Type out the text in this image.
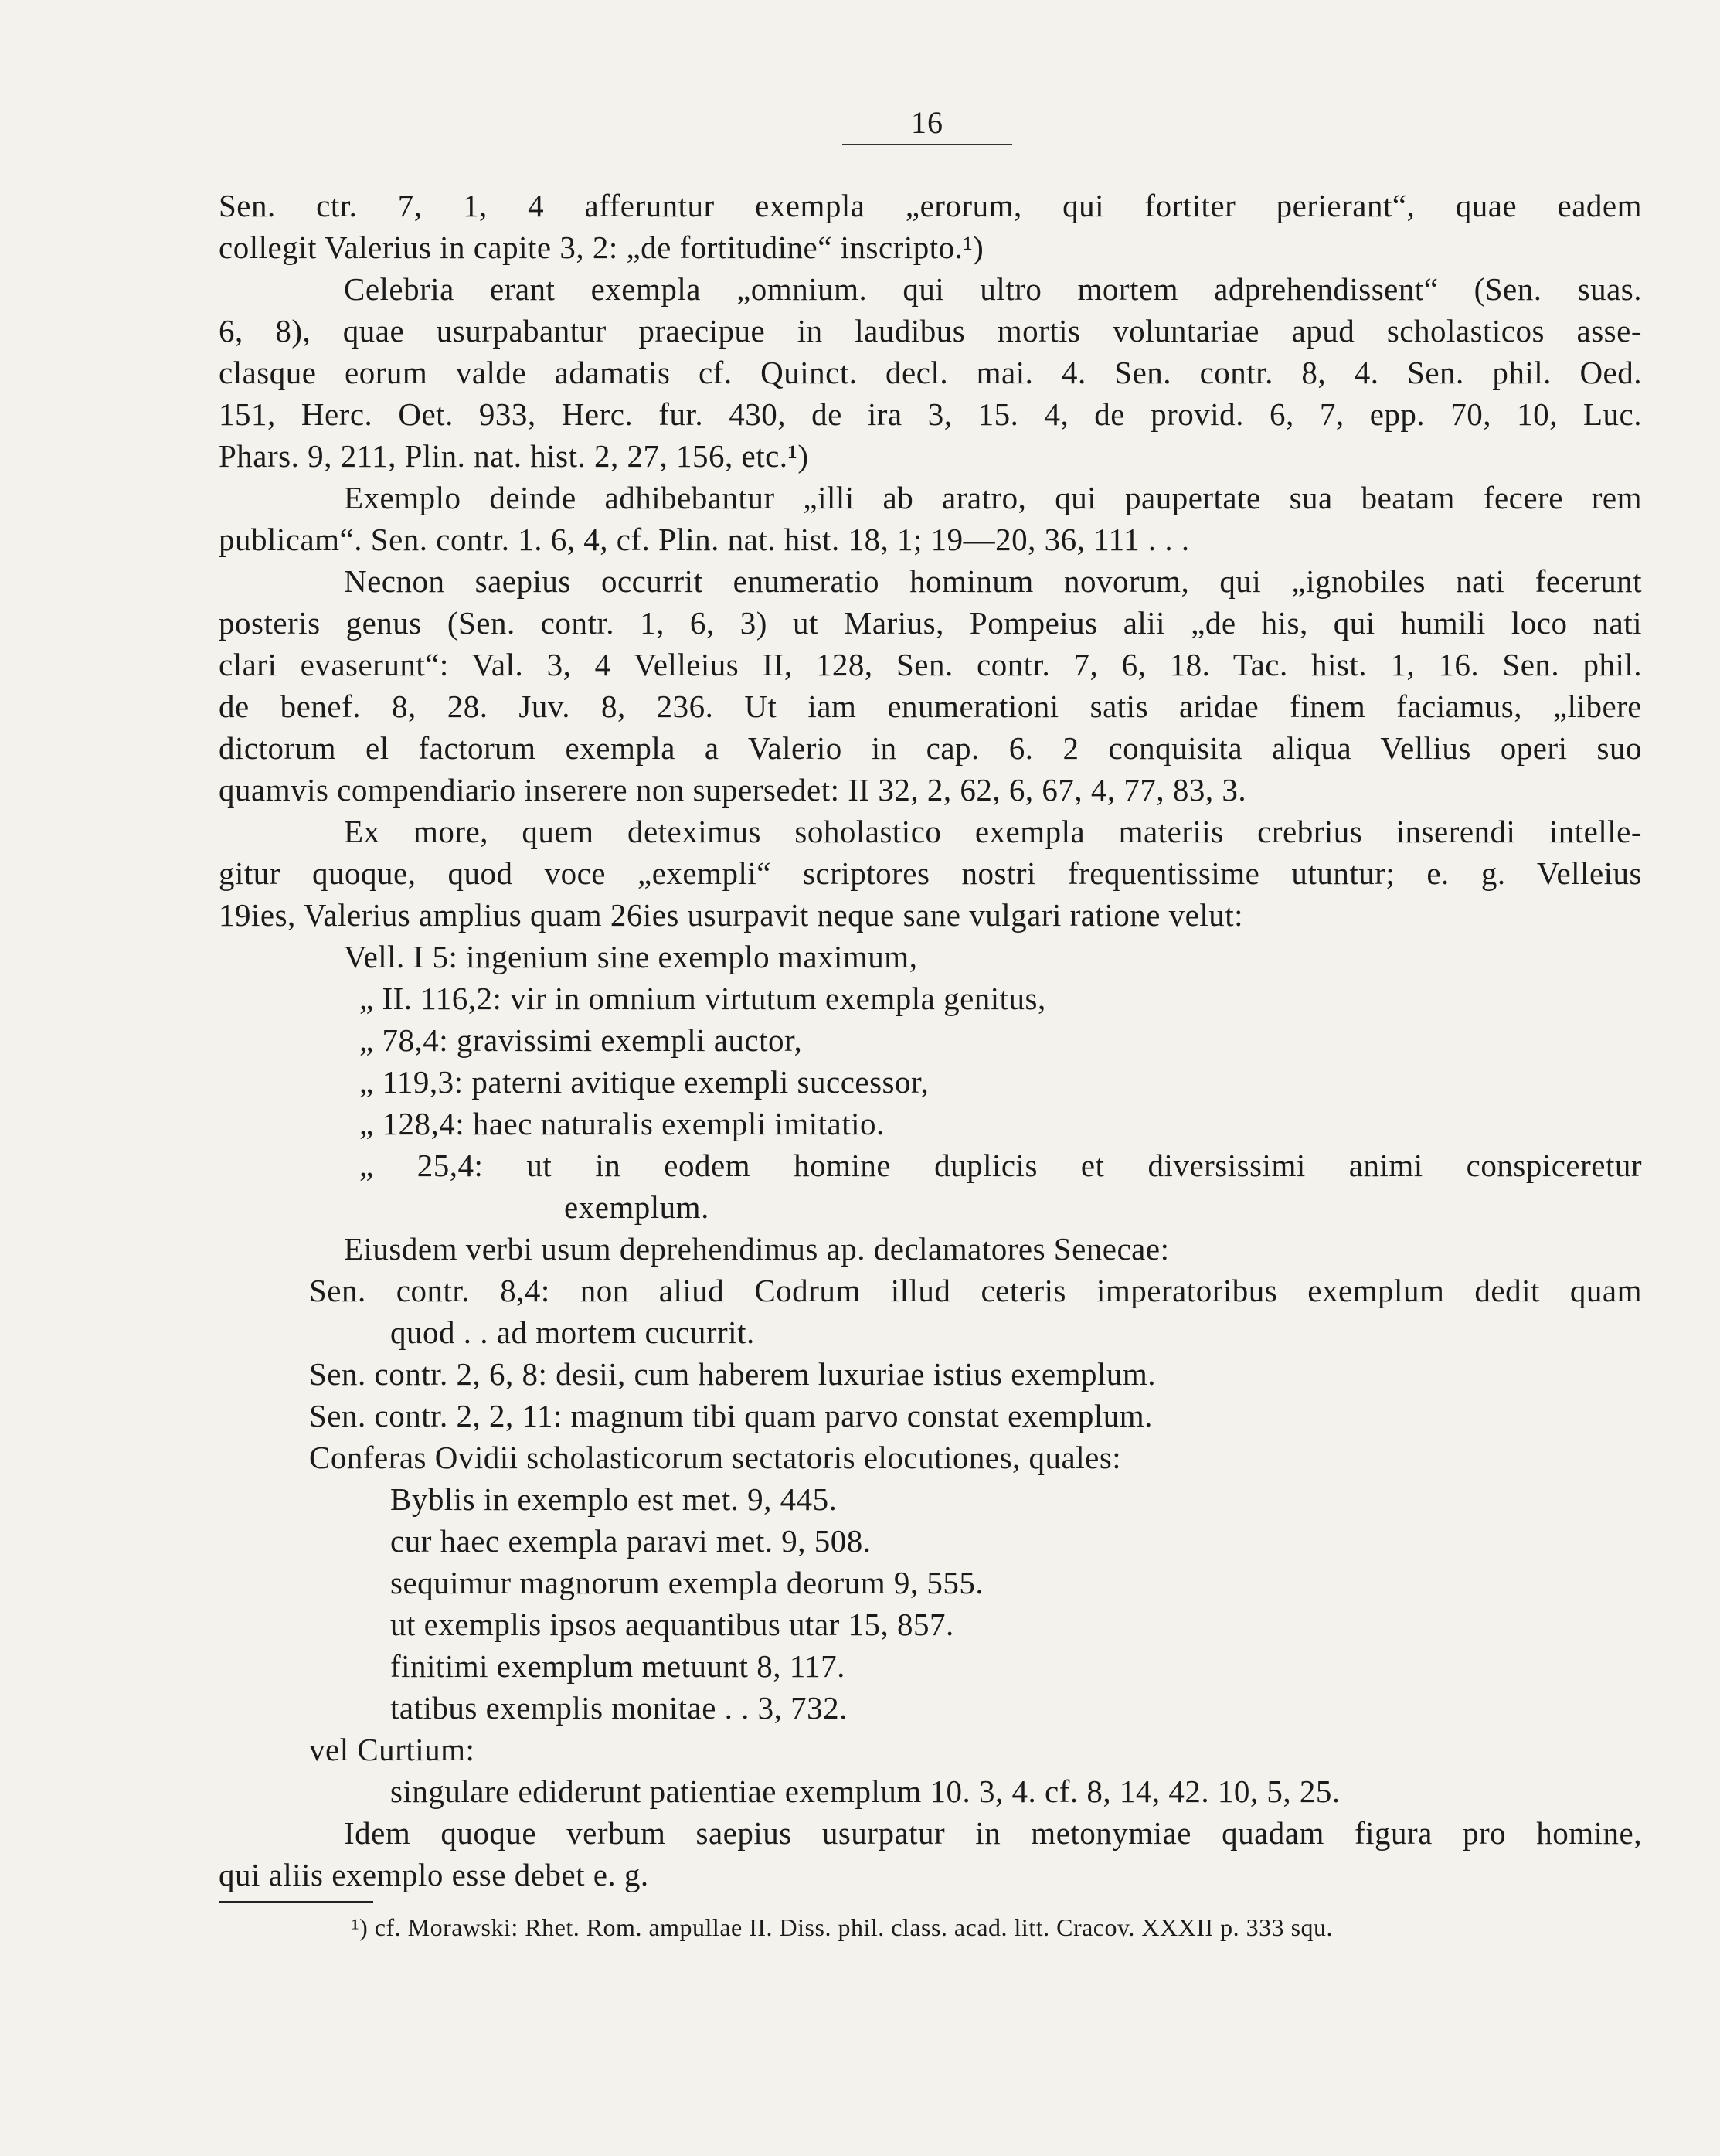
16
Sen. ctr. 7, 1, 4 afferuntur exempla „erorum, qui fortiter perierant“, quae eadem
collegit Valerius in capite 3, 2: „de fortitudine“ inscripto.¹)
Celebria erant exempla „omnium. qui ultro mortem adprehendissent“ (Sen. suas.
6, 8), quae usurpabantur praecipue in laudibus mortis voluntariae apud scholasticos asse-
clasque eorum valde adamatis cf. Quinct. decl. mai. 4. Sen. contr. 8, 4. Sen. phil. Oed.
151, Herc. Oet. 933, Herc. fur. 430, de ira 3, 15. 4, de provid. 6, 7, epp. 70, 10, Luc.
Phars. 9, 211, Plin. nat. hist. 2, 27, 156, etc.¹)
Exemplo deinde adhibebantur „illi ab aratro, qui paupertate sua beatam fecere rem
publicam“. Sen. contr. 1. 6, 4, cf. Plin. nat. hist. 18, 1; 19—20, 36, 111 . . .
Necnon saepius occurrit enumeratio hominum novorum, qui „ignobiles nati fecerunt
posteris genus (Sen. contr. 1, 6, 3) ut Marius, Pompeius alii „de his, qui humili loco nati
clari evaserunt“: Val. 3, 4 Velleius II, 128, Sen. contr. 7, 6, 18. Tac. hist. 1, 16. Sen. phil.
de benef. 8, 28. Juv. 8, 236. Ut iam enumerationi satis aridae finem faciamus, „libere
dictorum el factorum exempla a Valerio in cap. 6. 2 conquisita aliqua Vellius operi suo
quamvis compendiario inserere non supersedet: II 32, 2, 62, 6, 67, 4, 77, 83, 3.
Ex more, quem deteximus soholastico exempla materiis crebrius inserendi intelle-
gitur quoque, quod voce „exempli“ scriptores nostri frequentissime utuntur; e. g. Velleius
19ies, Valerius amplius quam 26ies usurpavit neque sane vulgari ratione velut:
Vell. I 5: ingenium sine exemplo maximum,
„ II. 116,2: vir in omnium virtutum exempla genitus,
„ 78,4: gravissimi exempli auctor,
„ 119,3: paterni avitique exempli successor,
„ 128,4: haec naturalis exempli imitatio.
„ 25,4: ut in eodem homine duplicis et diversissimi animi conspiceretur
exemplum.
Eiusdem verbi usum deprehendimus ap. declamatores Senecae:
Sen. contr. 8,4: non aliud Codrum illud ceteris imperatoribus exemplum dedit quam
quod . . ad mortem cucurrit.
Sen. contr. 2, 6, 8: desii, cum haberem luxuriae istius exemplum.
Sen. contr. 2, 2, 11: magnum tibi quam parvo constat exemplum.
Conferas Ovidii scholasticorum sectatoris elocutiones, quales:
Byblis in exemplo est met. 9, 445.
cur haec exempla paravi met. 9, 508.
sequimur magnorum exempla deorum 9, 555.
ut exemplis ipsos aequantibus utar 15, 857.
finitimi exemplum metuunt 8, 117.
tatibus exemplis monitae . . 3, 732.
vel Curtium:
singulare ediderunt patientiae exemplum 10. 3, 4. cf. 8, 14, 42. 10, 5, 25.
Idem quoque verbum saepius usurpatur in metonymiae quadam figura pro homine,
qui aliis exemplo esse debet e. g.
¹) cf. Morawski: Rhet. Rom. ampullae II. Diss. phil. class. acad. litt. Cracov. XXXII p. 333 squ.
